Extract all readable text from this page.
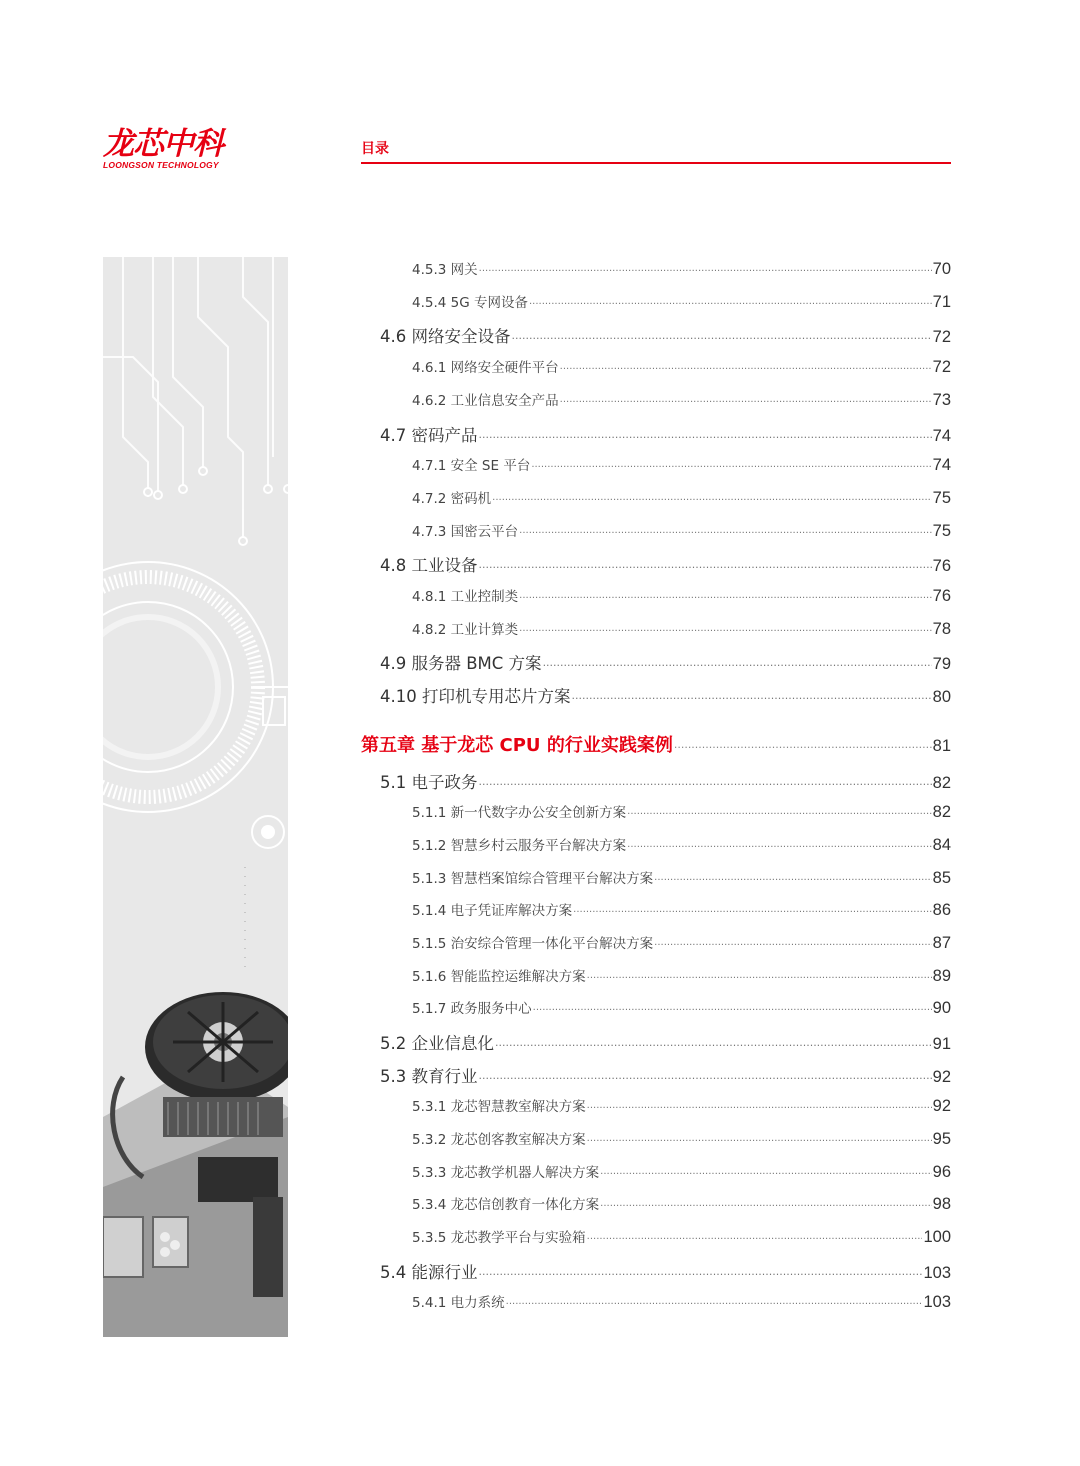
龙芯中科
LOONGSON TECHNOLOGY
目录
4.5.3 网关 ·····	70
4.5.4 5G 专网设备 ·····	71
4.6 网络安全设备 ·····	72
4.6.1 网络安全硬件平台 ·····	72
4.6.2 工业信息安全产品 ·····	73
4.7 密码产品 ·····	74
4.7.1 安全 SE 平台 ·····	74
4.7.2 密码机 ·····	75
4.7.3 国密云平台 ·····	75
4.8 工业设备 ·····	76
4.8.1 工业控制类 ·····	76
4.8.2 工业计算类 ·····	78
4.9 服务器 BMC 方案 ·····	79
4.10 打印机专用芯片方案 ·····	80
第五章 基于龙芯 CPU 的行业实践案例 ·····	81
5.1 电子政务 ·····	82
5.1.1 新一代数字办公安全创新方案 ·····	82
5.1.2 智慧乡村云服务平台解决方案 ·····	84
5.1.3 智慧档案馆综合管理平台解决方案 ·····	85
5.1.4 电子凭证库解决方案 ·····	86
5.1.5 治安综合管理一体化平台解决方案 ·····	87
5.1.6 智能监控运维解决方案 ·····	89
5.1.7 政务服务中心 ·····	90
5.2 企业信息化 ·····	91
5.3 教育行业 ·····	92
5.3.1 龙芯智慧教室解决方案 ·····	92
5.3.2 龙芯创客教室解决方案 ·····	95
5.3.3 龙芯教学机器人解决方案 ·····	96
5.3.4 龙芯信创教育一体化方案 ·····	98
5.3.5 龙芯教学平台与实验箱 ·····	100
5.4 能源行业 ·····	103
5.4.1 电力系统 ·····	103
